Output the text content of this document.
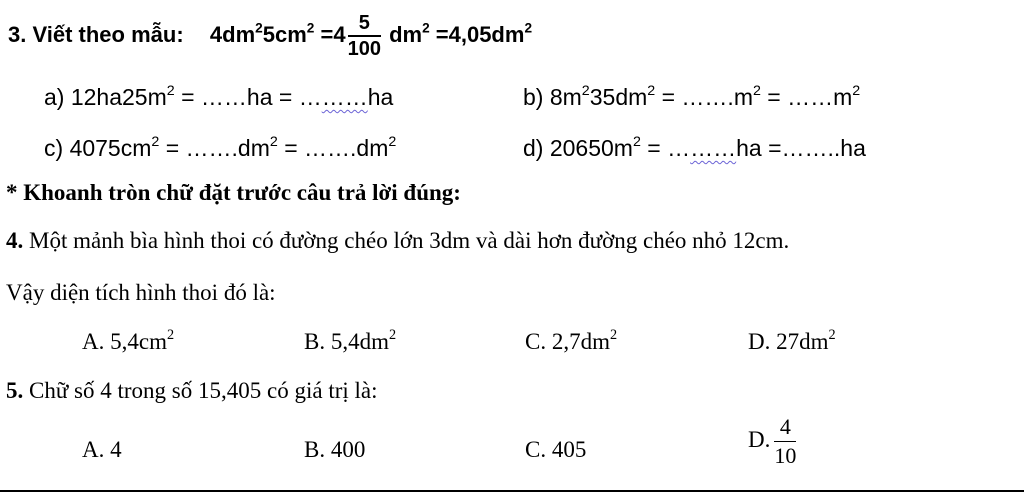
3. Viết theo mẫu: $4dm^25cm^2 =4 \frac{5}{100} dm^2 =4,05dm^2$
a) $12ha25m^2$ = ……ha = ………ha	b) $8m^235dm^2$ = $\dots\dots.m^2$ = $\dots\dots m^2$
c) $4075cm^2$ = $\dots\dots.dm^2$ = $\dots\dots.dm^2$	d) $20650m^2$ = ………ha =……..ha
* Khoanh tròn chữ đặt trước câu trả lời đúng:
4. Một mảnh bìa hình thoi có đường chéo lớn 3dm và dài hơn đường chéo nhỏ 12cm.
Vậy diện tích hình thoi đó là:
A. $5,4cm^2$	B. $5,4dm^2$	C. $2,7dm^2$	D. $27dm^2$
5. Chữ số 4 trong số 15,405 có giá trị là:
A. 4	B. 400	C. 405	D. $\frac{4}{10}$
